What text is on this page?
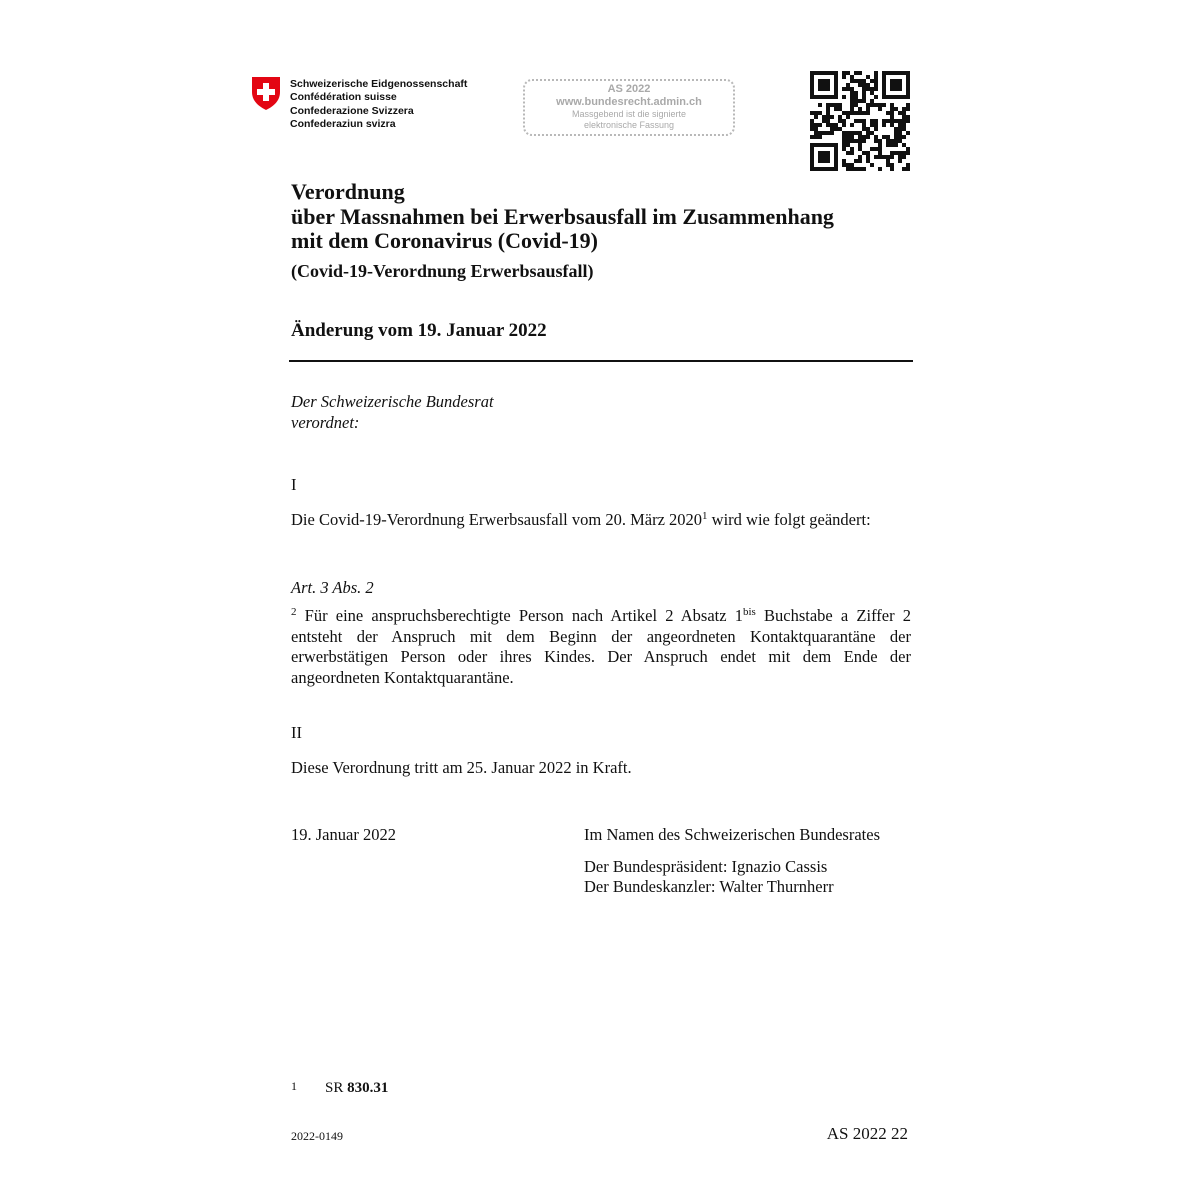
Schweizerische Eidgenossenschaft
Confédération suisse
Confederazione Svizzera
Confederaziun svizra
AS 2022
www.bundesrecht.admin.ch
Massgebend ist die signierte
elektronische Fassung
Verordnung
über Massnahmen bei Erwerbsausfall im Zusammenhang
mit dem Coronavirus (Covid-19)
(Covid-19-Verordnung Erwerbsausfall)
Änderung vom 19. Januar 2022
Der Schweizerische Bundesrat
verordnet:
I
Die Covid-19-Verordnung Erwerbsausfall vom 20. März 2020$^1$ wird wie folgt geändert:
Art. 3 Abs. 2
$^2$ Für eine anspruchsberechtigte Person nach Artikel 2 Absatz $1^{bis}$ Buchstabe a Ziffer 2 entsteht der Anspruch mit dem Beginn der angeordneten Kontaktquarantäne der erwerbstätigen Person oder ihres Kindes. Der Anspruch endet mit dem Ende der angeordneten Kontaktquarantäne.
II
Diese Verordnung tritt am 25. Januar 2022 in Kraft.
19. Januar 2022	Im Namen des Schweizerischen Bundesrates
Der Bundespräsident: Ignazio Cassis
Der Bundeskanzler: Walter Thurnherr
1 SR 830.31
2022-0149	AS 2022 22
